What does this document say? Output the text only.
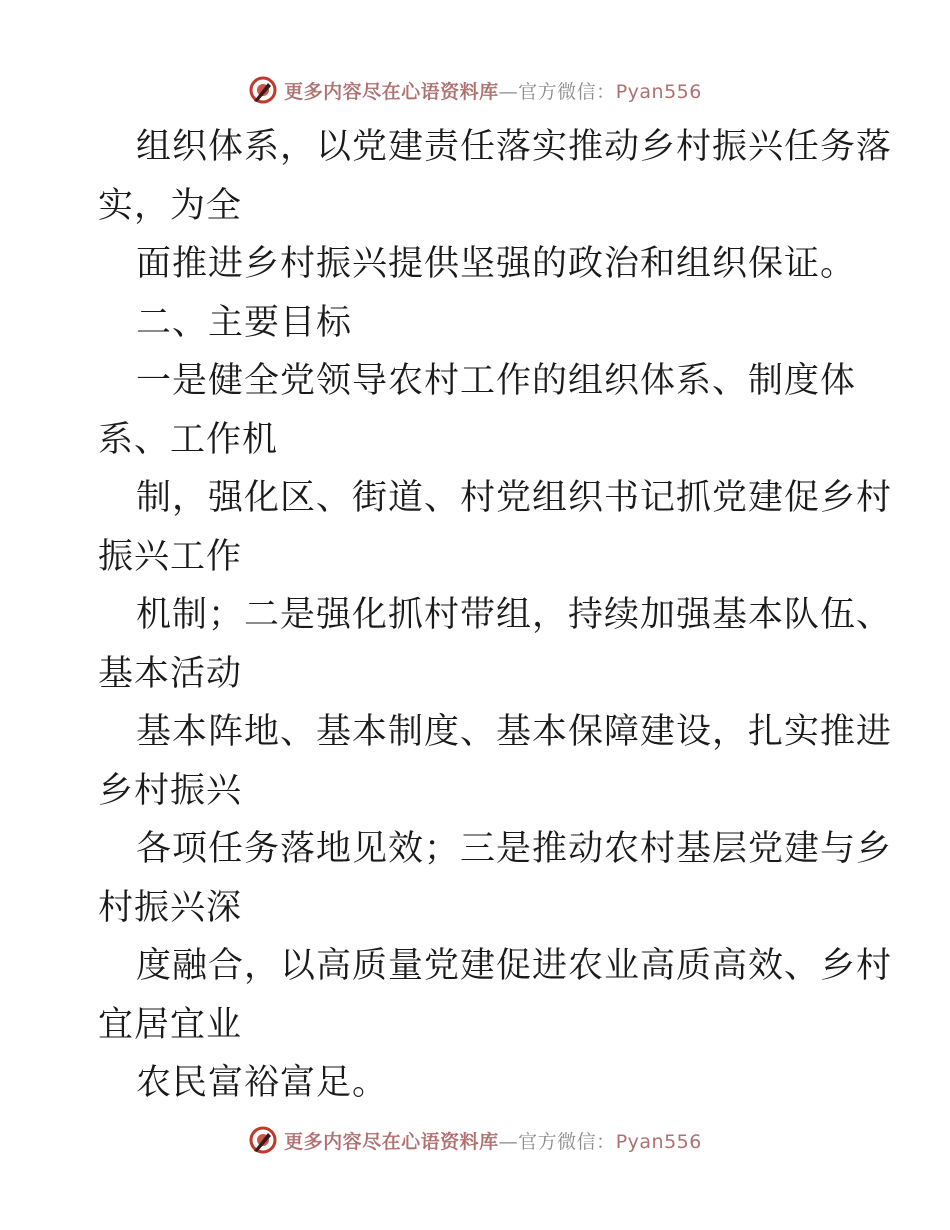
更多内容尽在心语资料库—官方微信：Pyan556
组织体系，以党建责任落实推动乡村振兴任务落
实，为全
面推进乡村振兴提供坚强的政治和组织保证。
二、主要目标
一是健全党领导农村工作的组织体系、制度体
系、工作机
制，强化区、街道、村党组织书记抓党建促乡村
振兴工作
机制；二是强化抓村带组，持续加强基本队伍、
基本活动
基本阵地、基本制度、基本保障建设，扎实推进
乡村振兴
各项任务落地见效；三是推动农村基层党建与乡
村振兴深
度融合，以高质量党建促进农业高质高效、乡村
宜居宜业
农民富裕富足。
更多内容尽在心语资料库—官方微信：Pyan556
